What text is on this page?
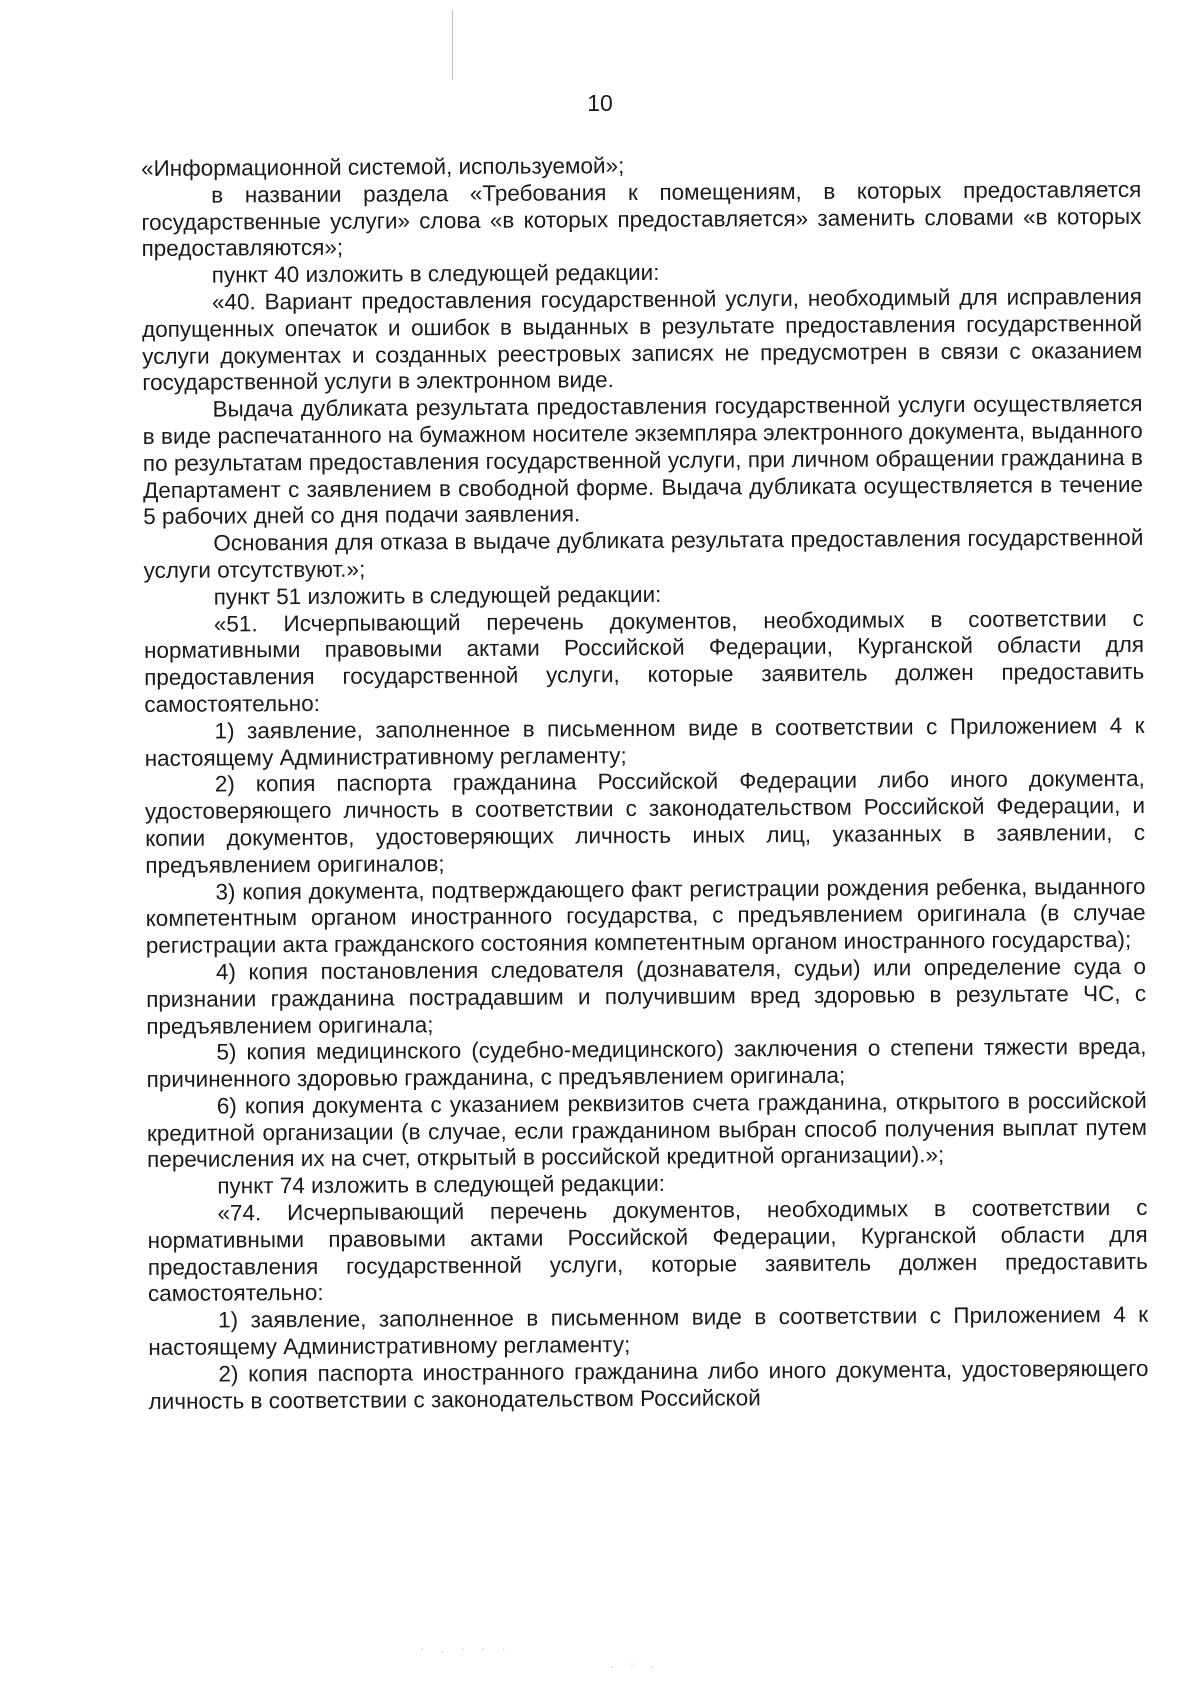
10

«Информационной системой, используемой»;

в названии раздела «Требования к помещениям, в которых предоставляется государственные услуги» слова «в которых предоставляется» заменить словами «в которых предоставляются»;

пункт 40 изложить в следующей редакции:

«40. Вариант предоставления государственной услуги, необходимый для исправления допущенных опечаток и ошибок в выданных в результате предоставления государственной услуги документах и созданных реестровых записях не предусмотрен в связи с оказанием государственной услуги в электронном виде.

Выдача дубликата результата предоставления государственной услуги осуществляется в виде распечатанного на бумажном носителе экземпляра электронного документа, выданного по результатам предоставления государственной услуги, при личном обращении гражданина в Департамент с заявлением в свободной форме. Выдача дубликата осуществляется в течение 5 рабочих дней со дня подачи заявления.

Основания для отказа в выдаче дубликата результата предоставления государственной услуги отсутствуют.»;

пункт 51 изложить в следующей редакции:

«51. Исчерпывающий перечень документов, необходимых в соответствии с нормативными правовыми актами Российской Федерации, Курганской области для предоставления государственной услуги, которые заявитель должен предоставить самостоятельно:

1) заявление, заполненное в письменном виде в соответствии с Приложением 4 к настоящему Административному регламенту;

2) копия паспорта гражданина Российской Федерации либо иного документа, удостоверяющего личность в соответствии с законодательством Российской Федерации, и копии документов, удостоверяющих личность иных лиц, указанных в заявлении, с предъявлением оригиналов;

3) копия документа, подтверждающего факт регистрации рождения ребенка, выданного компетентным органом иностранного государства, с предъявлением оригинала (в случае регистрации акта гражданского состояния компетентным органом иностранного государства);

4) копия постановления следователя (дознавателя, судьи) или определение суда о признании гражданина пострадавшим и получившим вред здоровью в результате ЧС, с предъявлением оригинала;

5) копия медицинского (судебно-медицинского) заключения о степени тяжести вреда, причиненного здоровью гражданина, с предъявлением оригинала;

6) копия документа с указанием реквизитов счета гражданина, открытого в российской кредитной организации (в случае, если гражданином выбран способ получения выплат путем перечисления их на счет, открытый в российской кредитной организации).»;

пункт 74 изложить в следующей редакции:

«74. Исчерпывающий перечень документов, необходимых в соответствии с нормативными правовыми актами Российской Федерации, Курганской области для предоставления государственной услуги, которые заявитель должен предоставить самостоятельно:

1) заявление, заполненное в письменном виде в соответствии с Приложением 4 к настоящему Административному регламенту;

2) копия паспорта иностранного гражданина либо иного документа, удостоверяющего личность в соответствии с законодательством Российской

· . · · ·
. · .
